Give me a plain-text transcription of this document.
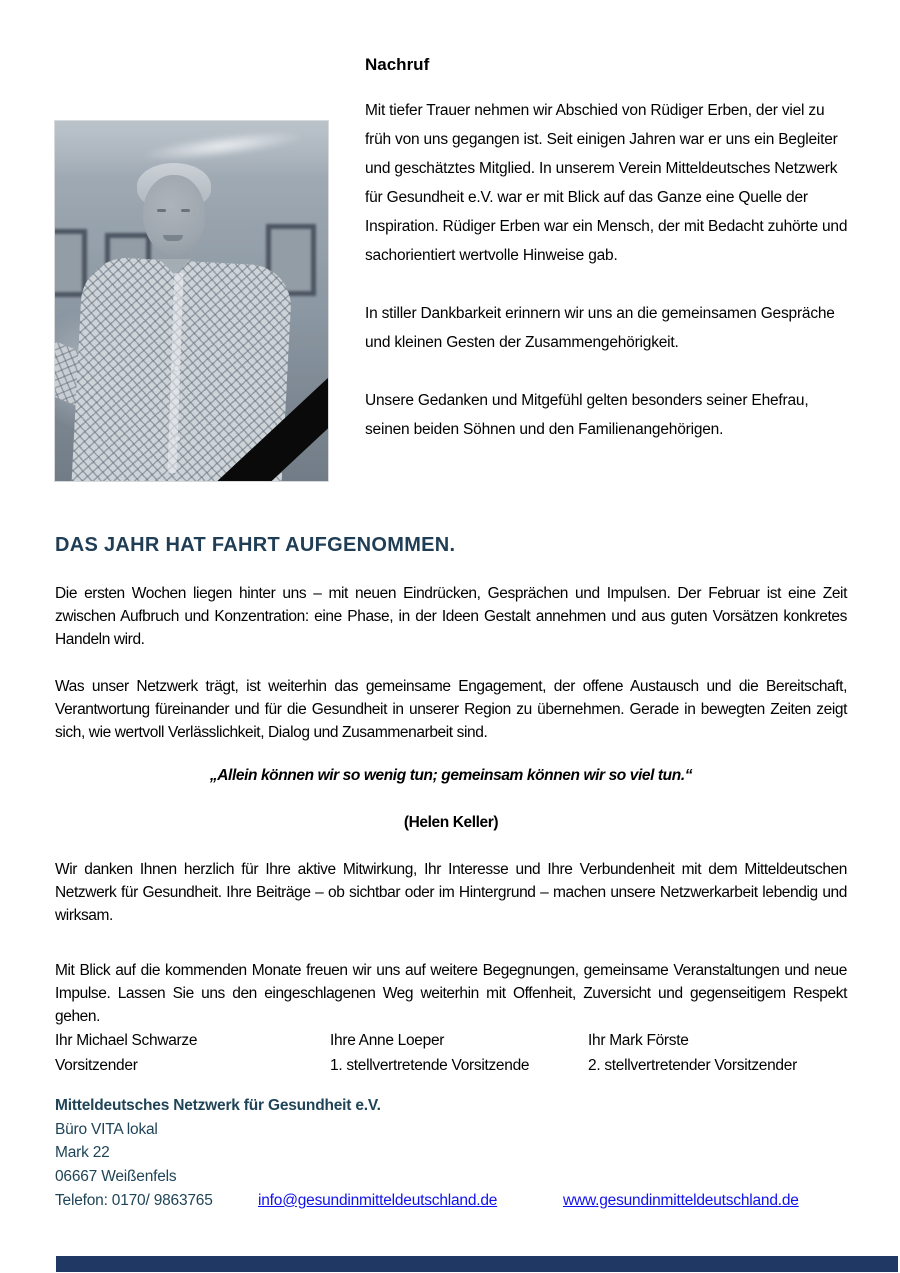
Nachruf

Mit tiefer Trauer nehmen wir Abschied von Rüdiger Erben, der viel zu früh von uns gegangen ist. Seit einigen Jahren war er uns ein Begleiter und geschätztes Mitglied. In unserem Verein Mitteldeutsches Netzwerk für Gesundheit e.V. war er mit Blick auf das Ganze eine Quelle der Inspiration. Rüdiger Erben war ein Mensch, der mit Bedacht zuhörte und sachorientiert wertvolle Hinweise gab.

In stiller Dankbarkeit erinnern wir uns an die gemeinsamen Gespräche und kleinen Gesten der Zusammengehörigkeit.

Unsere Gedanken und Mitgefühl gelten besonders seiner Ehefrau, seinen beiden Söhnen und den Familienangehörigen.

DAS JAHR HAT FAHRT AUFGENOMMEN.

Die ersten Wochen liegen hinter uns – mit neuen Eindrücken, Gesprächen und Impulsen. Der Februar ist eine Zeit zwischen Aufbruch und Konzentration: eine Phase, in der Ideen Gestalt annehmen und aus guten Vorsätzen konkretes Handeln wird.

Was unser Netzwerk trägt, ist weiterhin das gemeinsame Engagement, der offene Austausch und die Bereitschaft, Verantwortung füreinander und für die Gesundheit in unserer Region zu übernehmen. Gerade in bewegten Zeiten zeigt sich, wie wertvoll Verlässlichkeit, Dialog und Zusammenarbeit sind.

„Allein können wir so wenig tun; gemeinsam können wir so viel tun.“

(Helen Keller)

Wir danken Ihnen herzlich für Ihre aktive Mitwirkung, Ihr Interesse und Ihre Verbundenheit mit dem Mitteldeutschen Netzwerk für Gesundheit. Ihre Beiträge – ob sichtbar oder im Hintergrund – machen unsere Netzwerkarbeit lebendig und wirksam.

Mit Blick auf die kommenden Monate freuen wir uns auf weitere Begegnungen, gemeinsame Veranstaltungen und neue Impulse. Lassen Sie uns den eingeschlagenen Weg weiterhin mit Offenheit, Zuversicht und gegenseitigem Respekt gehen.

Ihr Michael Schwarze
Vorsitzender
Ihre Anne Loeper
1. stellvertretende Vorsitzende
Ihr Mark Förste
2. stellvertretender Vorsitzender
Mitteldeutsches Netzwerk für Gesundheit e.V.
Büro VITA lokal
Mark 22
06667 Weißenfels
Telefon: 0170/ 9863765	info@gesundinmitteldeutschland.de	www.gesundinmitteldeutschland.de
